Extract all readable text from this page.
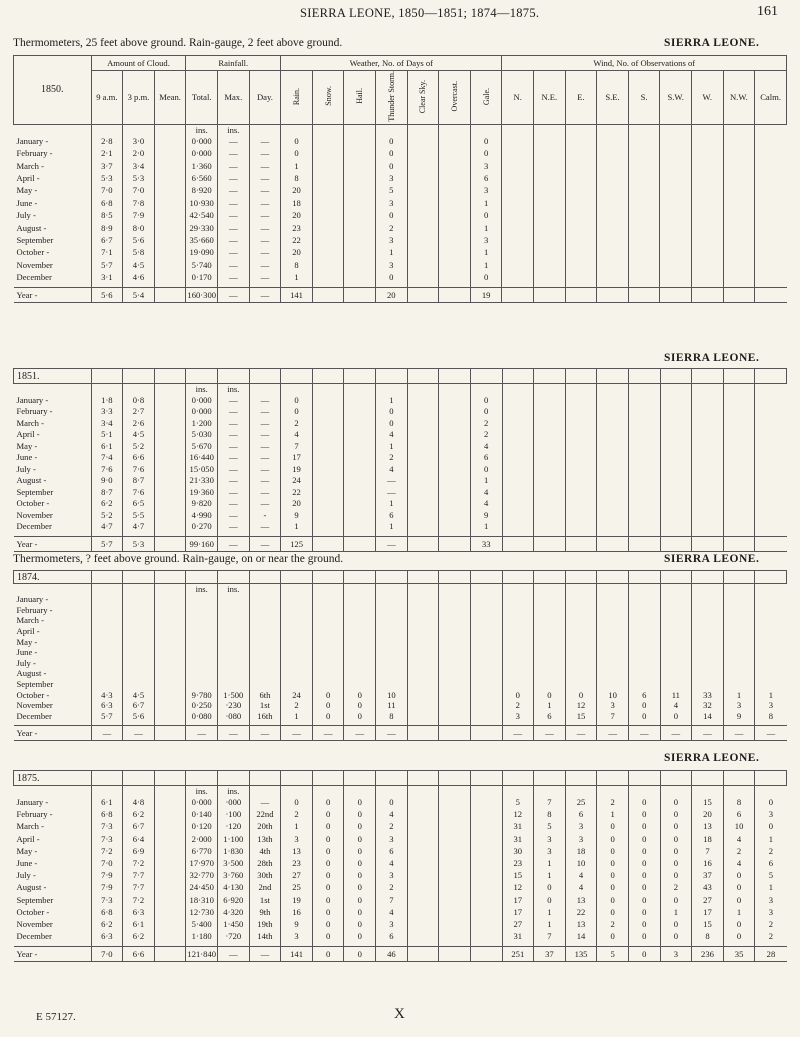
SIERRA LEONE, 1850—1851; 1874—1875.	161
Thermometers, 25 feet above ground. Rain-gauge, 2 feet above ground.	SIERRA LEONE.
1850.	Amount of Cloud.			Rainfall.			Weather, No. of Days of							Wind, No. of Observations of								
	9 a.m.	3 p.m.	Mean.	Total.	Max.	Day.	Rain.	Snow.	Hail.	Thunder Storm.	Clear Sky.	Overcast.	Gale.	N.	N.E.	E.	S.E.	S.	S.W.	W.	N.W.	Calm.
				ins.	ins.																	
January -	2·8	3·0		0·000	—	—	0			0			0									
February -	2·1	2·0		0·000	—	—	0			0			0									
March -	3·7	3·4		1·360	—	—	1			0			3									
April -	5·3	5·3		6·560	—	—	8			3			6									
May -	7·0	7·0		8·920	—	—	20			5			3									
June -	6·8	7·8		10·930	—	—	18			3			1									
July -	8·5	7·9		42·540	—	—	20			0			0									
August -	8·9	8·0		29·330	—	—	23			2			1									
September	6·7	5·6		35·660	—	—	22			3			3									
October -	7·1	5·8		19·090	—	—	20			1			1									
November	5·7	4·5		5·740	—	—	8			3			1									
December	3·1	4·6		0·170	—	—	1			0			0									

Year -	5·6	5·4		160·300	—	—	141			20			19									
SIERRA LEONE.
1851.																						
				ins.	ins.																	
January -	1·8	0·8		0·000	—	—	0			1			0									
February -	3·3	2·7		0·000	—	—	0			0			0									
March -	3·4	2·6		1·200	—	—	2			0			2									
April -	5·1	4·5		5·030	—	—	4			4			2									
May -	6·1	5·2		5·670	—	—	7			1			4									
June -	7·4	6·6		16·440	—	—	17			2			6									
July -	7·6	7·6		15·050	—	—	19			4			0									
August -	9·0	8·7		21·330	—	—	24			—			1									
September	8·7	7·6		19·360	—	—	22			—			4									
October -	6·2	6·5		9·820	—	—	20			1			4									
November	5·2	5·5		4·990	—	-	9			6			9									
December	4·7	4·7		0·270	—	—	1			1			1									

Year -	5·7	5·3		99·160	—	—	125			—			33									
Thermometers, ? feet above ground. Rain-gauge, on or near the ground.	SIERRA LEONE.
1874.																						
				ins.	ins.																	
January -																						
February -																						
March -																						
April -																						
May -																						
June -																						
July -																						
August -																						
September																						
October -	4·3	4·5		9·780	1·500	6th	24	0	0	10				0	0	0	10	6	11	33	1	1
November	6·3	6·7		0·250	·230	1st	2	0	0	11				2	1	12	3	0	4	32	3	3
December	5·7	5·6		0·080	·080	16th	1	0	0	8				3	6	15	7	0	0	14	9	8

Year -	—	—		—	—	—	—	—	—	—				—	—	—	—	—	—	—	—	—
SIERRA LEONE.
1875.																						
				ins.	ins.																	
January -	6·1	4·8		0·000	·000	—	0	0	0	0				5	7	25	2	0	0	15	8	0
February -	6·8	6·2		0·140	·100	22nd	2	0	0	4				12	8	6	1	0	0	20	6	3
March -	7·3	6·7		0·120	·120	20th	1	0	0	2				31	5	3	0	0	0	13	10	0
April -	7·3	6·4		2·000	1·100	13th	3	0	0	3				31	3	3	0	0	0	18	4	1
May -	7·2	6·9		6·770	1·830	4th	13	0	0	6				30	3	18	0	0	0	7	2	2
June -	7·0	7·2		17·970	3·500	28th	23	0	0	4				23	1	10	0	0	0	16	4	6
July -	7·9	7·7		32·770	3·760	30th	27	0	0	3				15	1	4	0	0	0	37	0	5
August -	7·9	7·7		24·450	4·130	2nd	25	0	0	2				12	0	4	0	0	2	43	0	1
September	7·3	7·2		18·310	6·920	1st	19	0	0	7				17	0	13	0	0	0	27	0	3
October -	6·8	6·3		12·730	4·320	9th	16	0	0	4				17	1	22	0	0	1	17	1	3
November	6·2	6·1		5·400	1·450	19th	9	0	0	3				27	1	13	2	0	0	15	0	2
December	6·3	6·2		1·180	·720	14th	3	0	0	6				31	7	14	0	0	0	8	0	2

Year -	7·0	6·6		121·840	—	—	141	0	0	46				251	37	135	5	0	3	236	35	28
E 57127.	X
